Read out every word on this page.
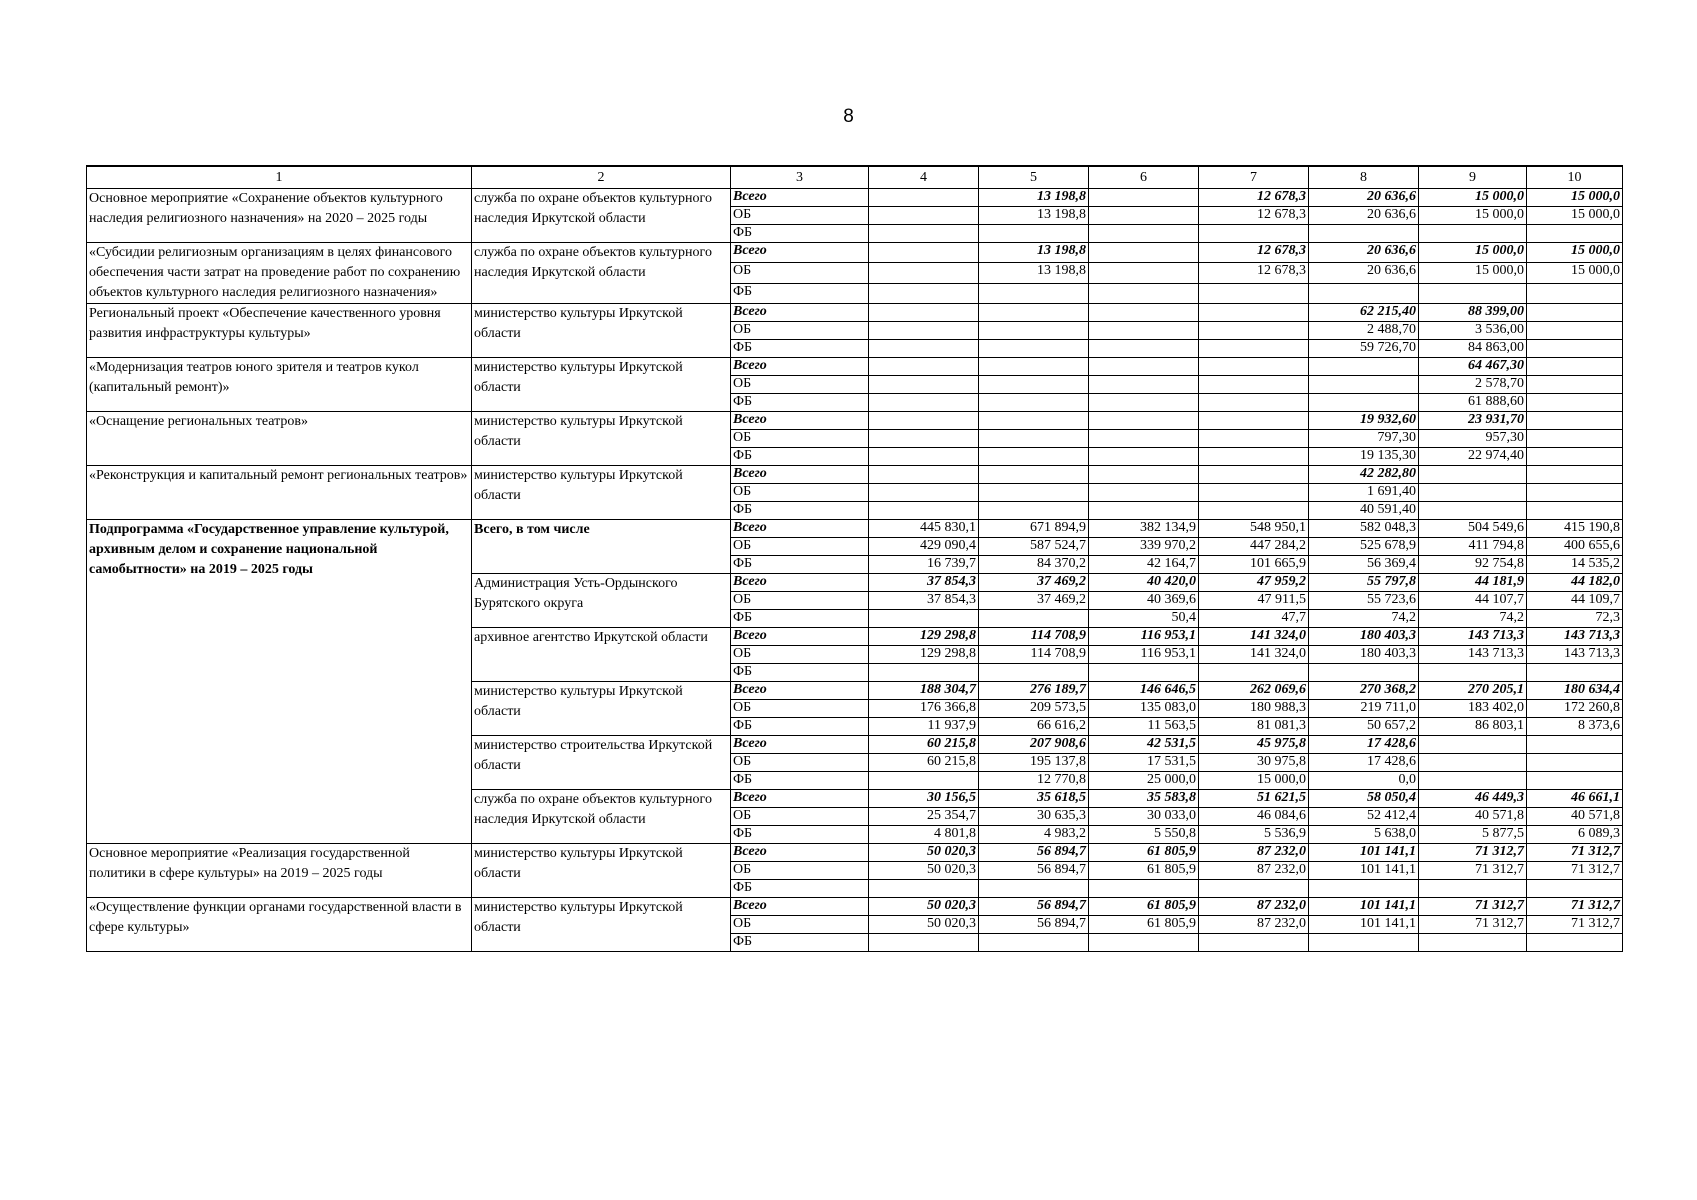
8
1	2	3	4	5	6	7	8	9	10
Основное мероприятие «Сохранение объектов культурного наследия религиозного назначения» на 2020 – 2025 годы	служба по охране объектов культурного наследия Иркутской области	Всего		13 198,8		12 678,3	20 636,6	15 000,0	15 000,0
		ОБ		13 198,8		12 678,3	20 636,6	15 000,0	15 000,0
		ФБ							
«Субсидии религиозным организациям в целях финансового обеспечения части затрат на проведение работ по сохранению объектов культурного наследия религиозного назначения»	служба по охране объектов культурного наследия Иркутской области	Всего		13 198,8		12 678,3	20 636,6	15 000,0	15 000,0
		ОБ		13 198,8		12 678,3	20 636,6	15 000,0	15 000,0
		ФБ							
Региональный проект «Обеспечение качественного уровня развития инфраструктуры культуры»	министерство культуры Иркутской области	Всего					62 215,40	88 399,00	
		ОБ					2 488,70	3 536,00	
		ФБ					59 726,70	84 863,00	
«Модернизация театров юного зрителя и театров кукол (капитальный ремонт)»	министерство культуры Иркутской области	Всего						64 467,30	
		ОБ						2 578,70	
		ФБ						61 888,60	
«Оснащение региональных театров»	министерство культуры Иркутской области	Всего					19 932,60	23 931,70	
		ОБ					797,30	957,30	
		ФБ					19 135,30	22 974,40	
«Реконструкция и капитальный ремонт региональных театров»	министерство культуры Иркутской области	Всего					42 282,80		
		ОБ					1 691,40		
		ФБ					40 591,40		
Подпрограмма «Государственное управление культурой, архивным делом и сохранение национальной самобытности» на 2019 – 2025 годы	Всего, в том числе	Всего	445 830,1	671 894,9	382 134,9	548 950,1	582 048,3	504 549,6	415 190,8
		ОБ	429 090,4	587 524,7	339 970,2	447 284,2	525 678,9	411 794,8	400 655,6
		ФБ	16 739,7	84 370,2	42 164,7	101 665,9	56 369,4	92 754,8	14 535,2
	Администрация Усть-Ордынского Бурятского округа	Всего	37 854,3	37 469,2	40 420,0	47 959,2	55 797,8	44 181,9	44 182,0
		ОБ	37 854,3	37 469,2	40 369,6	47 911,5	55 723,6	44 107,7	44 109,7
		ФБ			50,4	47,7	74,2	74,2	72,3
	архивное агентство Иркутской области	Всего	129 298,8	114 708,9	116 953,1	141 324,0	180 403,3	143 713,3	143 713,3
		ОБ	129 298,8	114 708,9	116 953,1	141 324,0	180 403,3	143 713,3	143 713,3
		ФБ							
	министерство культуры Иркутской области	Всего	188 304,7	276 189,7	146 646,5	262 069,6	270 368,2	270 205,1	180 634,4
		ОБ	176 366,8	209 573,5	135 083,0	180 988,3	219 711,0	183 402,0	172 260,8
		ФБ	11 937,9	66 616,2	11 563,5	81 081,3	50 657,2	86 803,1	8 373,6
	министерство строительства Иркутской области	Всего	60 215,8	207 908,6	42 531,5	45 975,8	17 428,6		
		ОБ	60 215,8	195 137,8	17 531,5	30 975,8	17 428,6		
		ФБ		12 770,8	25 000,0	15 000,0	0,0		
	служба по охране объектов культурного наследия Иркутской области	Всего	30 156,5	35 618,5	35 583,8	51 621,5	58 050,4	46 449,3	46 661,1
		ОБ	25 354,7	30 635,3	30 033,0	46 084,6	52 412,4	40 571,8	40 571,8
		ФБ	4 801,8	4 983,2	5 550,8	5 536,9	5 638,0	5 877,5	6 089,3
Основное мероприятие «Реализация государственной политики в сфере культуры» на 2019 – 2025 годы	министерство культуры Иркутской области	Всего	50 020,3	56 894,7	61 805,9	87 232,0	101 141,1	71 312,7	71 312,7
		ОБ	50 020,3	56 894,7	61 805,9	87 232,0	101 141,1	71 312,7	71 312,7
		ФБ							
«Осуществление функции органами государственной власти в сфере культуры»	министерство культуры Иркутской области	Всего	50 020,3	56 894,7	61 805,9	87 232,0	101 141,1	71 312,7	71 312,7
		ОБ	50 020,3	56 894,7	61 805,9	87 232,0	101 141,1	71 312,7	71 312,7
		ФБ							
